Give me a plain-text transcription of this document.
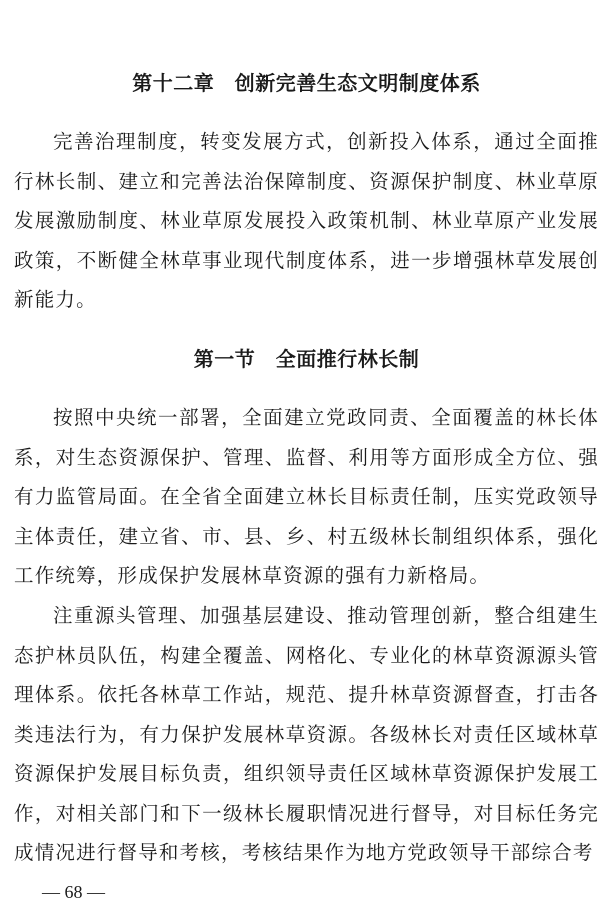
第十二章　创新完善生态文明制度体系

完善治理制度，转变发展方式，创新投入体系，通过全面推行林长制、建立和完善法治保障制度、资源保护制度、林业草原发展激励制度、林业草原发展投入政策机制、林业草原产业发展政策，不断健全林草事业现代制度体系，进一步增强林草发展创新能力。

第一节　全面推行林长制

按照中央统一部署，全面建立党政同责、全面覆盖的林长体系，对生态资源保护、管理、监督、利用等方面形成全方位、强有力监管局面。在全省全面建立林长目标责任制，压实党政领导主体责任，建立省、市、县、乡、村五级林长制组织体系，强化工作统筹，形成保护发展林草资源的强有力新格局。

注重源头管理、加强基层建设、推动管理创新，整合组建生态护林员队伍，构建全覆盖、网格化、专业化的林草资源源头管理体系。依托各林草工作站，规范、提升林草资源督查，打击各类违法行为，有力保护发展林草资源。各级林长对责任区域林草资源保护发展目标负责，组织领导责任区域林草资源保护发展工作，对相关部门和下一级林长履职情况进行督导，对目标任务完成情况进行督导和考核，考核结果作为地方党政领导干部综合考

— 68 —
